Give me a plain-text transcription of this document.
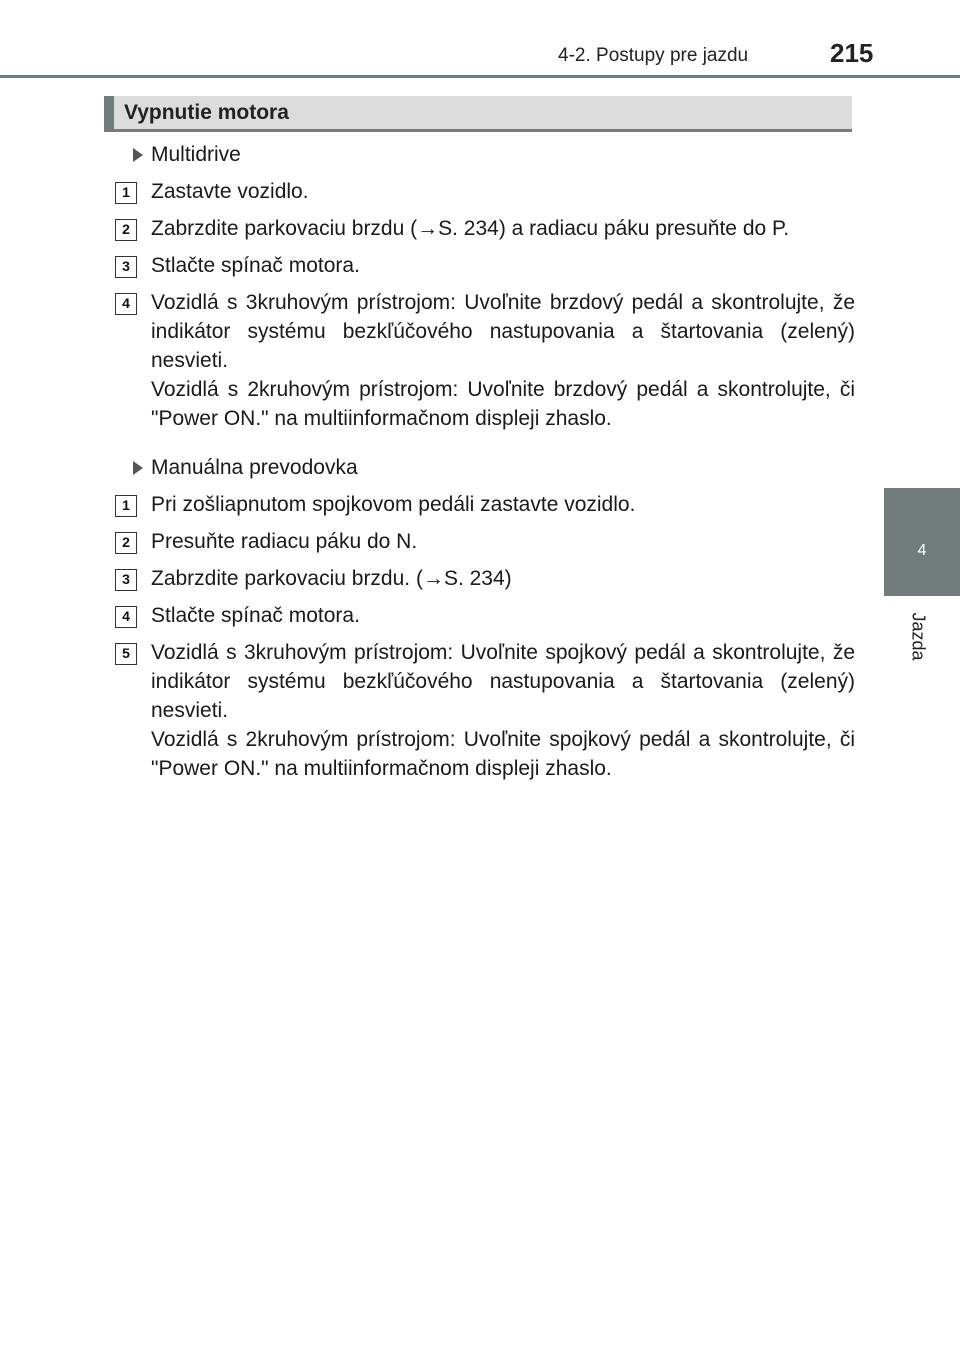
4-2. Postupy pre jazdu	215
4
Jazda
Vypnutie motora
Multidrive
1	Zastavte vozidlo.
2	Zabrzdite parkovaciu brzdu (→S. 234) a radiacu páku presuňte do P.
3	Stlačte spínač motora.
4	Vozidlá s 3kruhovým prístrojom: Uvoľnite brzdový pedál a skontrolujte, že indikátor systému bezkľúčového nastupovania a štartovania (zelený) nesvieti.
Vozidlá s 2kruhovým prístrojom: Uvoľnite brzdový pedál a skontrolujte, či "Power ON." na multiinformačnom displeji zhaslo.
Manuálna prevodovka
1	Pri zošliapnutom spojkovom pedáli zastavte vozidlo.
2	Presuňte radiacu páku do N.
3	Zabrzdite parkovaciu brzdu. (→S. 234)
4	Stlačte spínač motora.
5	Vozidlá s 3kruhovým prístrojom: Uvoľnite spojkový pedál a skontrolujte, že indikátor systému bezkľúčového nastupovania a štartovania (zelený) nesvieti.
Vozidlá s 2kruhovým prístrojom: Uvoľnite spojkový pedál a skontrolujte, či "Power ON." na multiinformačnom displeji zhaslo.
